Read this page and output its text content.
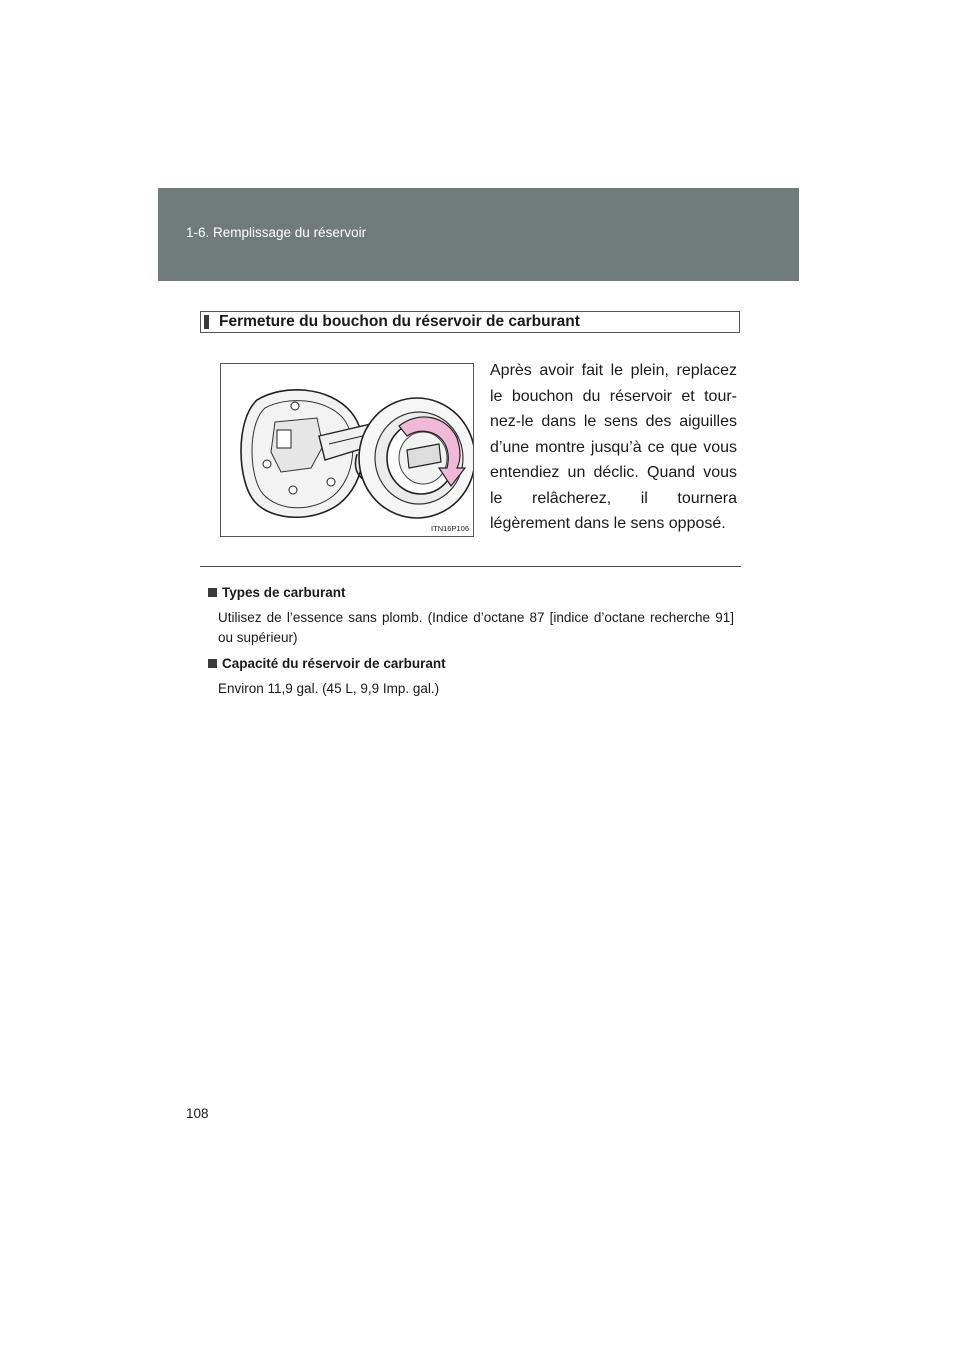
1-6. Remplissage du réservoir
Fermeture du bouchon du réservoir de carburant
ITN16P106
Après avoir fait le plein, replacez le bouchon du réservoir et tour-nez-le dans le sens des aiguilles d’une montre jusqu’à ce que vous entendiez un déclic. Quand vous le relâcherez, il tournera légèrement dans le sens opposé.
Types de carburant
Utilisez de l’essence sans plomb. (Indice d’octane 87 [indice d’octane recherche 91] ou supérieur)
Capacité du réservoir de carburant
Environ 11,9 gal. (45 L, 9,9 Imp. gal.)
108
